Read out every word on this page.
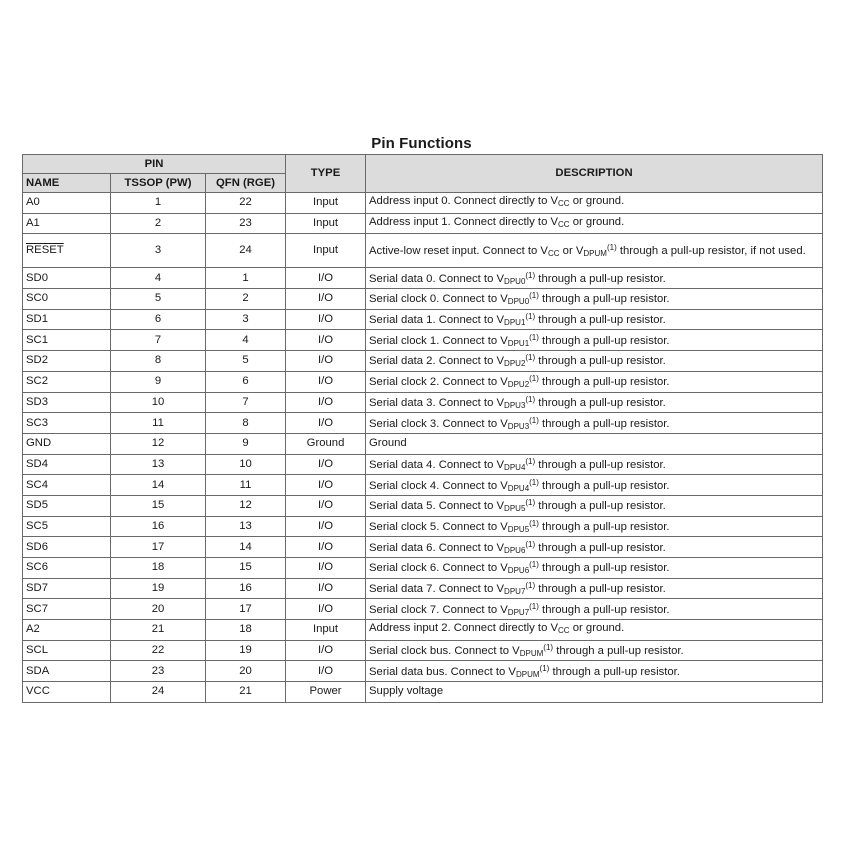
Pin Functions
PIN			TYPE	DESCRIPTION
NAME	TSSOP (PW)	QFN (RGE)		
A0	1	22	Input	Address input 0. Connect directly to $V_{CC}$ or ground.
A1	2	23	Input	Address input 1. Connect directly to $V_{CC}$ or ground.
RESET	3	24	Input	Active-low reset input. Connect to $V_{CC}$ or $V_{DPUM}^{(1)}$ through a pull-up resistor, if not used.
SD0	4	1	I/O	Serial data 0. Connect to $V_{DPU0}^{(1)}$ through a pull-up resistor.
SC0	5	2	I/O	Serial clock 0. Connect to $V_{DPU0}^{(1)}$ through a pull-up resistor.
SD1	6	3	I/O	Serial data 1. Connect to $V_{DPU1}^{(1)}$ through a pull-up resistor.
SC1	7	4	I/O	Serial clock 1. Connect to $V_{DPU1}^{(1)}$ through a pull-up resistor.
SD2	8	5	I/O	Serial data 2. Connect to $V_{DPU2}^{(1)}$ through a pull-up resistor.
SC2	9	6	I/O	Serial clock 2. Connect to $V_{DPU2}^{(1)}$ through a pull-up resistor.
SD3	10	7	I/O	Serial data 3. Connect to $V_{DPU3}^{(1)}$ through a pull-up resistor.
SC3	11	8	I/O	Serial clock 3. Connect to $V_{DPU3}^{(1)}$ through a pull-up resistor.
GND	12	9	Ground	Ground
SD4	13	10	I/O	Serial data 4. Connect to $V_{DPU4}^{(1)}$ through a pull-up resistor.
SC4	14	11	I/O	Serial clock 4. Connect to $V_{DPU4}^{(1)}$ through a pull-up resistor.
SD5	15	12	I/O	Serial data 5. Connect to $V_{DPU5}^{(1)}$ through a pull-up resistor.
SC5	16	13	I/O	Serial clock 5. Connect to $V_{DPU5}^{(1)}$ through a pull-up resistor.
SD6	17	14	I/O	Serial data 6. Connect to $V_{DPU6}^{(1)}$ through a pull-up resistor.
SC6	18	15	I/O	Serial clock 6. Connect to $V_{DPU6}^{(1)}$ through a pull-up resistor.
SD7	19	16	I/O	Serial data 7. Connect to $V_{DPU7}^{(1)}$ through a pull-up resistor.
SC7	20	17	I/O	Serial clock 7. Connect to $V_{DPU7}^{(1)}$ through a pull-up resistor.
A2	21	18	Input	Address input 2. Connect directly to $V_{CC}$ or ground.
SCL	22	19	I/O	Serial clock bus. Connect to $V_{DPUM}^{(1)}$ through a pull-up resistor.
SDA	23	20	I/O	Serial data bus. Connect to $V_{DPUM}^{(1)}$ through a pull-up resistor.
VCC	24	21	Power	Supply voltage
